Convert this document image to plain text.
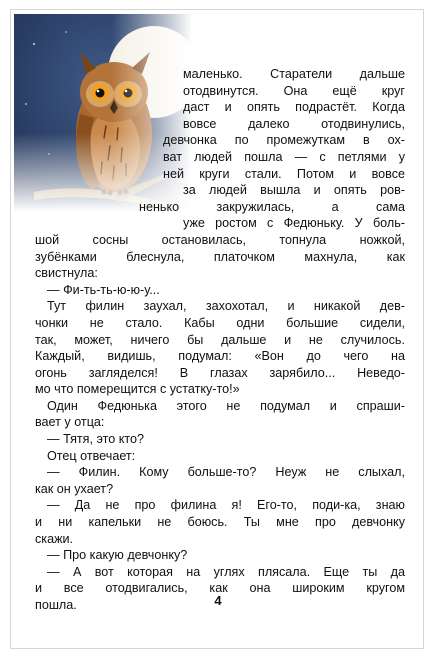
маленько. Старатели дальше
отодвинутся. Она ещё круг
даст и опять подрастёт. Когда
вовсе далеко отодвинулись,
девчонка по промежуткам в ох-
ват людей пошла — с петлями у
ней круги стали. Потом и вовсе
за людей вышла и опять ров-
ненько закружилась, а сама
уже ростом с Федюньку. У боль-
шой сосны остановилась, топнула ножкой,
зубёнками блеснула, платочком махнула, как
свистнула:
— Фи-ть-ть-ю-ю-у...
Тут филин заухал, захохотал, и никакой дев-
чонки не стало. Кабы одни большие сидели,
так, может, ничего бы дальше и не случилось.
Каждый, видишь, подумал: «Вон до чего на
огонь загляделся! В глазах зарябило... Неведо-
мо что померещится с устатку-то!»
Один Федюнька этого не подумал и спраши-
вает у отца:
— Тятя, это кто?
Отец отвечает:
— Филин. Кому больше-то? Неуж не слыхал,
как он ухает?
— Да не про филина я! Его-то, поди-ка, знаю
и ни капельки не боюсь. Ты мне про девчонку
скажи.
— Про какую девчонку?
— А вот которая на углях плясала. Еще ты да
и все отодвигались, как она широким кругом
пошла.	4
